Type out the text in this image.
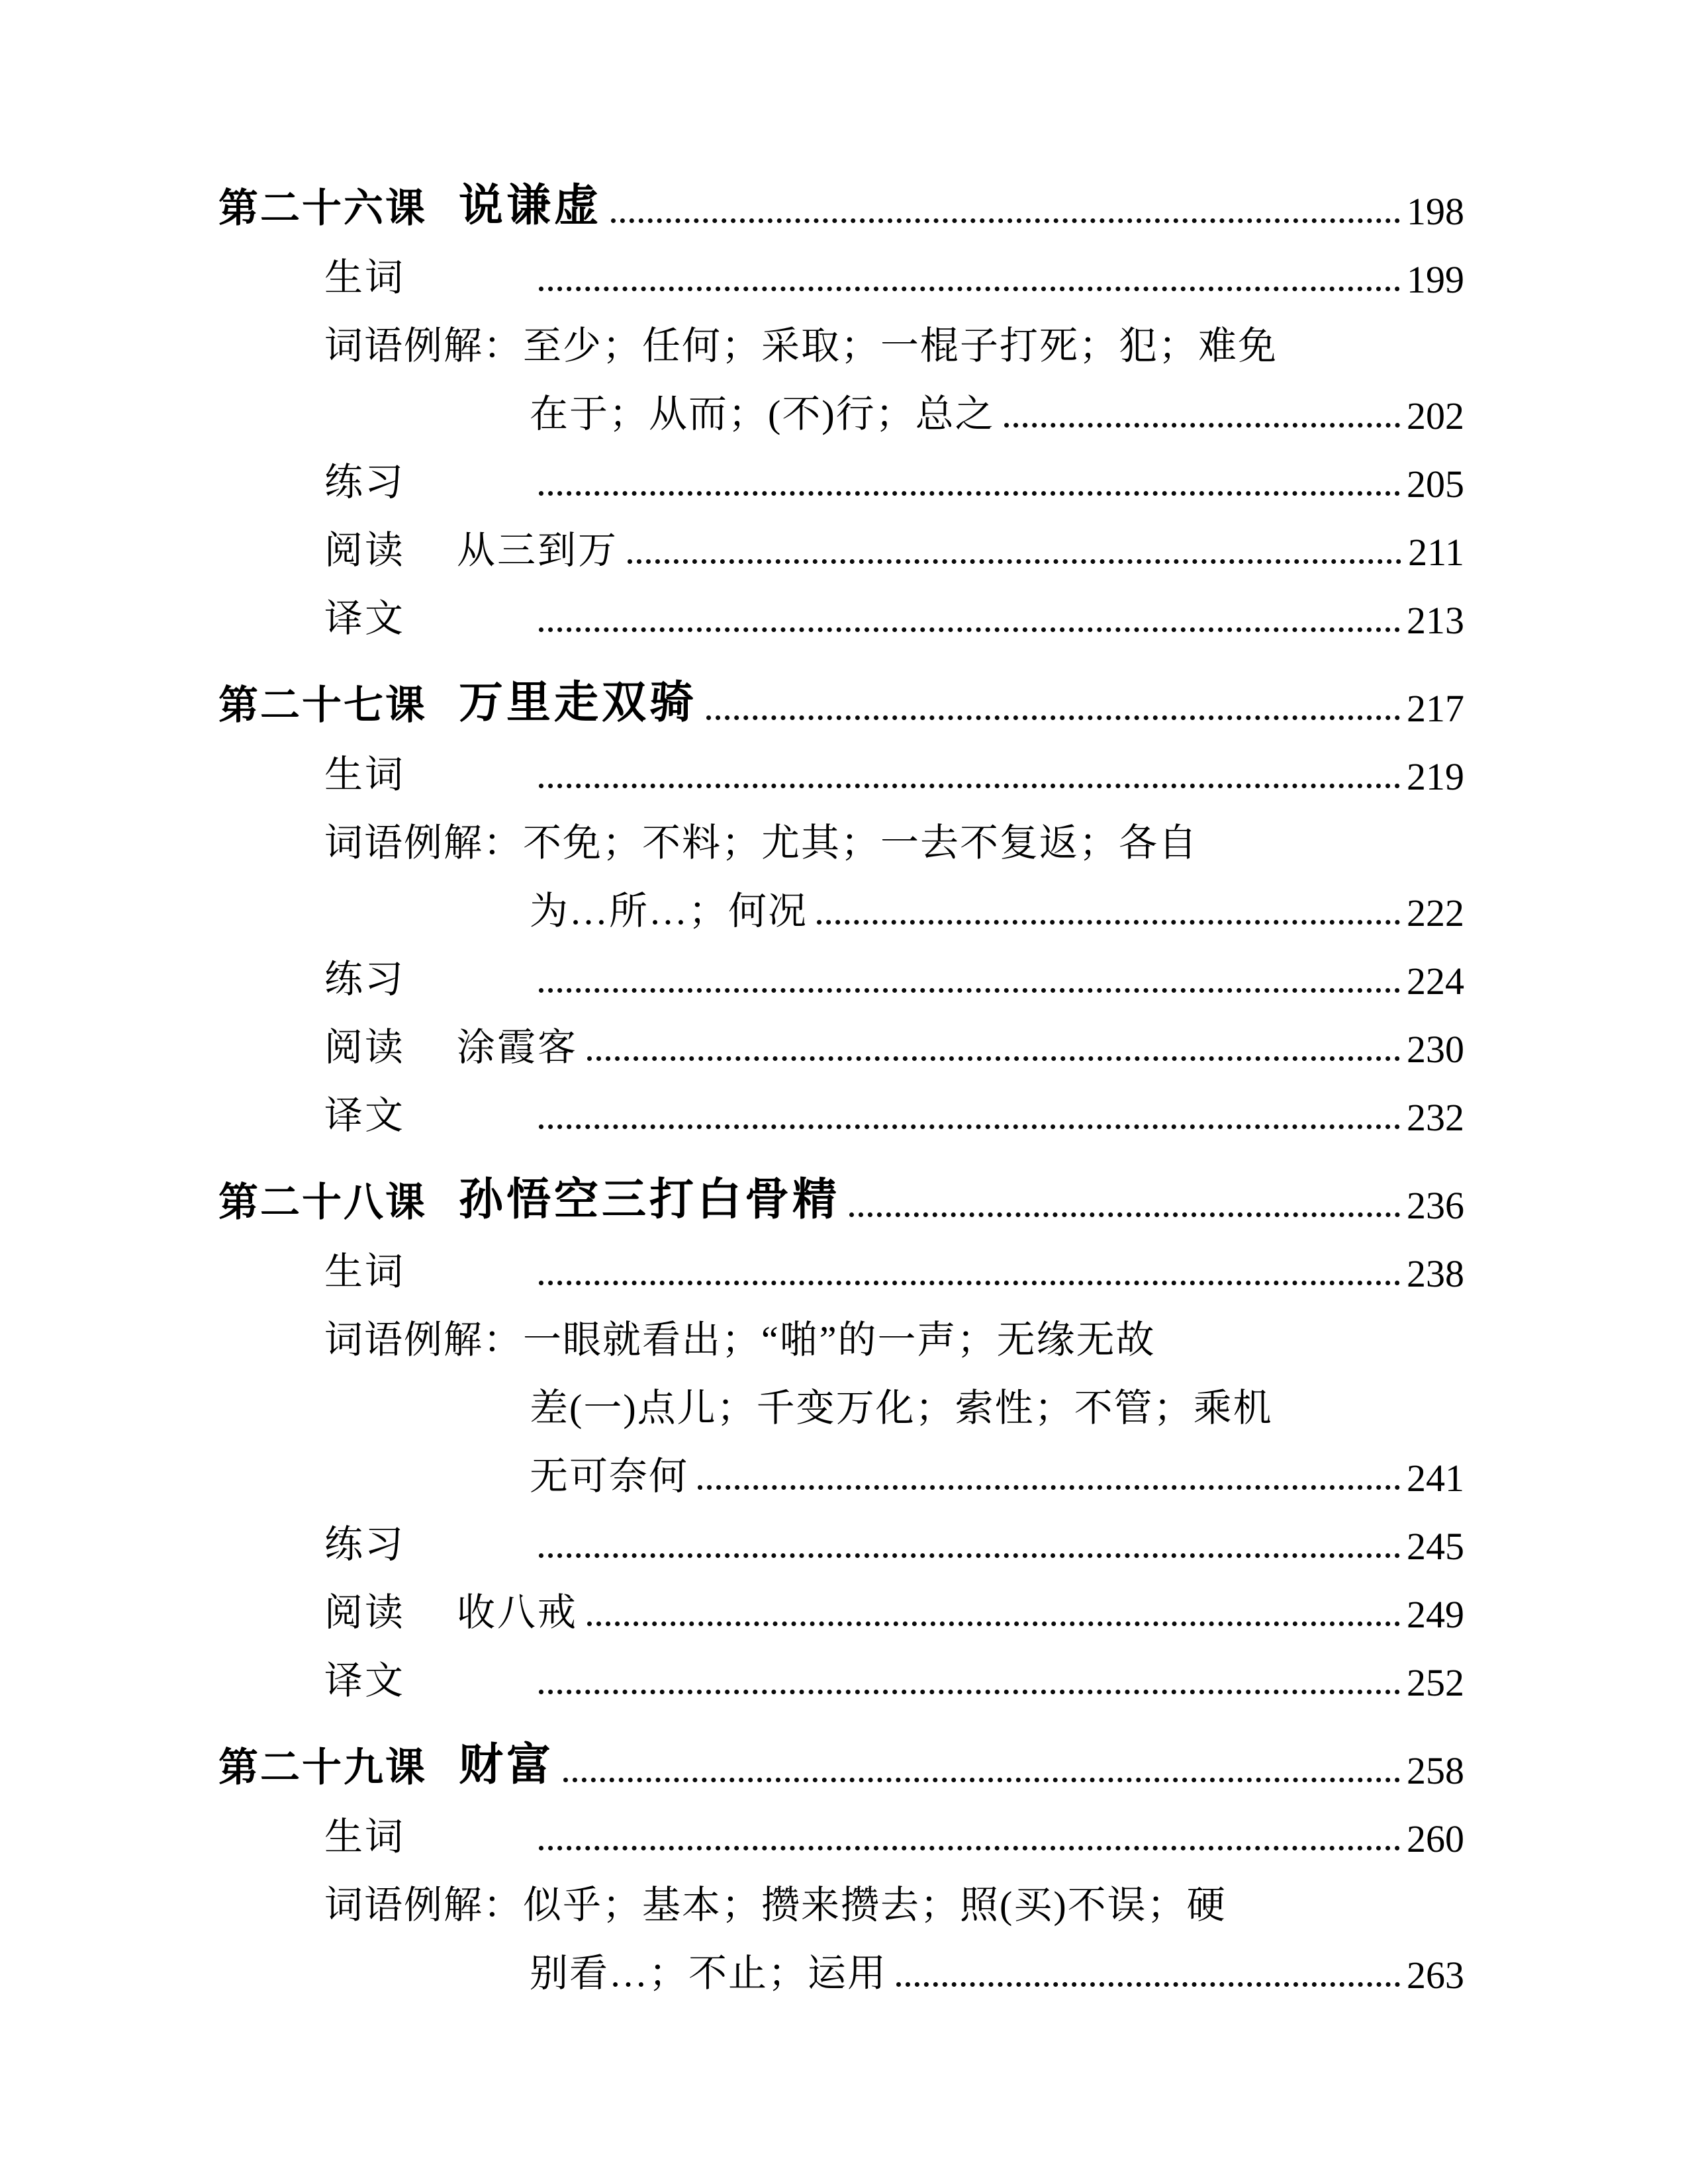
第二十六课 说谦虚	198
生词	199
词语例解： 至少；任何；采取；一棍子打死；犯；难免
在于；从而；(不)行；总之	202
练习	205
阅读	从三到万	211
译文	213
第二十七课 万里走双骑	217
生词	219
词语例解： 不免；不料；尤其；一去不复返；各自
为…所…；何况	222
练习	224
阅读	涂霞客	230
译文	232
第二十八课 孙悟空三打白骨精	236
生词	238
词语例解： 一眼就看出；“啪”的一声；无缘无故
差(一)点儿；千变万化；索性；不管；乘机
无可奈何	241
练习	245
阅读	收八戒	249
译文	252
第二十九课 财富	258
生词	260
词语例解： 似乎；基本；攒来攒去；照(买)不误；硬
别看…；不止；运用	263
